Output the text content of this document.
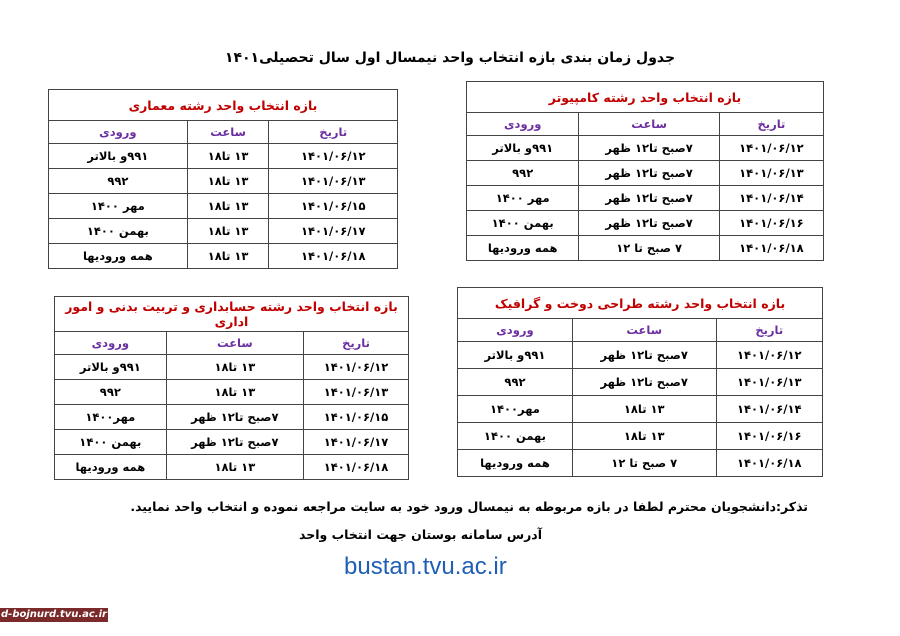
جدول زمان بندی بازه انتخاب واحد نیمسال اول سال تحصیلی۱۴۰۱
بازه انتخاب واحد رشته معماری		
تاریخ	ساعت	ورودی
۱۴۰۱/۰۶/۱۲	۱۳ تا۱۸	۹۹۱و بالاتر
۱۴۰۱/۰۶/۱۳	۱۳ تا۱۸	۹۹۲
۱۴۰۱/۰۶/۱۵	۱۳ تا۱۸	مهر ۱۴۰۰
۱۴۰۱/۰۶/۱۷	۱۳ تا۱۸	بهمن ۱۴۰۰
۱۴۰۱/۰۶/۱۸	۱۳ تا۱۸	همه ورودیها
بازه انتخاب واحد رشته کامپیوتر		
تاریخ	ساعت	ورودی
۱۴۰۱/۰۶/۱۲	۷صبح تا۱۲ ظهر	۹۹۱و بالاتر
۱۴۰۱/۰۶/۱۳	۷صبح تا۱۲ ظهر	۹۹۲
۱۴۰۱/۰۶/۱۴	۷صبح تا۱۲ ظهر	مهر ۱۴۰۰
۱۴۰۱/۰۶/۱۶	۷صبح تا۱۲ ظهر	بهمن ۱۴۰۰
۱۴۰۱/۰۶/۱۸	۷ صبح تا ۱۲	همه ورودیها
بازه انتخاب واحد رشته حسابداری و تربیت بدنی و امور اداری		
تاریخ	ساعت	ورودی
۱۴۰۱/۰۶/۱۲	۱۳ تا۱۸	۹۹۱و بالاتر
۱۴۰۱/۰۶/۱۳	۱۳ تا۱۸	۹۹۲
۱۴۰۱/۰۶/۱۵	۷صبح تا۱۲ ظهر	مهر۱۴۰۰
۱۴۰۱/۰۶/۱۷	۷صبح تا۱۲ ظهر	بهمن ۱۴۰۰
۱۴۰۱/۰۶/۱۸	۱۳ تا۱۸	همه ورودیها
بازه انتخاب واحد رشته طراحی دوخت و گرافیک		
تاریخ	ساعت	ورودی
۱۴۰۱/۰۶/۱۲	۷صبح تا۱۲ ظهر	۹۹۱و بالاتر
۱۴۰۱/۰۶/۱۳	۷صبح تا۱۲ ظهر	۹۹۲
۱۴۰۱/۰۶/۱۴	۱۳ تا۱۸	مهر۱۴۰۰
۱۴۰۱/۰۶/۱۶	۱۳ تا۱۸	بهمن ۱۴۰۰
۱۴۰۱/۰۶/۱۸	۷ صبح تا ۱۲	همه ورودیها
تذکر:دانشجویان محترم لطفا در بازه مربوطه به نیمسال ورود خود به سایت مراجعه نموده و انتخاب واحد نمایید.
آدرس سامانه بوستان جهت انتخاب واحد
bustan.tvu.ac.ir
d-bojnurd.tvu.ac.ir
